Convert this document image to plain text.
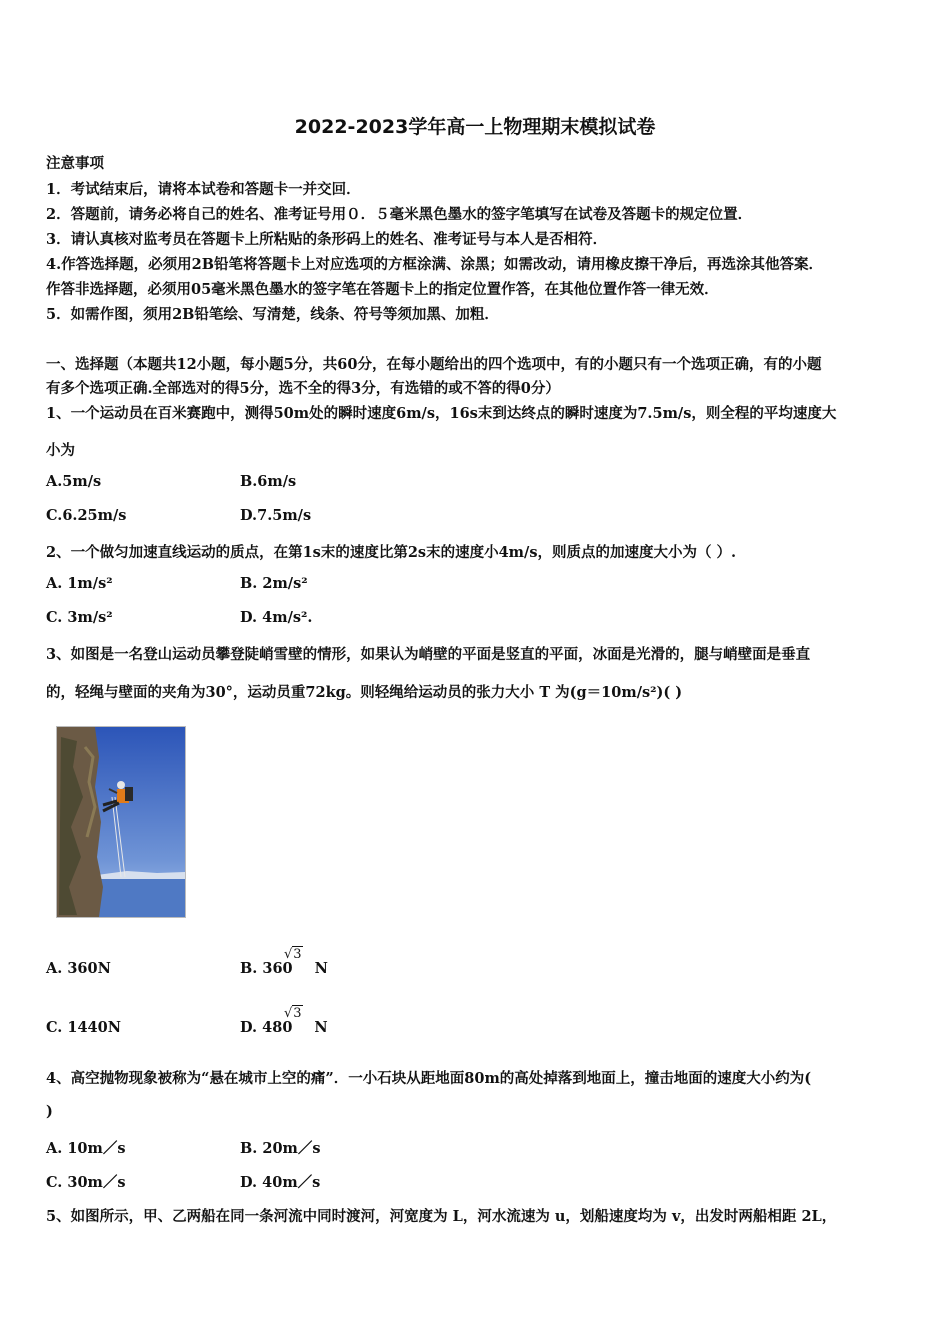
2022-2023学年高一上物理期末模拟试卷
注意事项
1．考试结束后，请将本试卷和答题卡一并交回．
2．答题前，请务必将自己的姓名、准考证号用０．５毫米黑色墨水的签字笔填写在试卷及答题卡的规定位置．
3．请认真核对监考员在答题卡上所粘贴的条形码上的姓名、准考证号与本人是否相符．
4.作答选择题，必须用2B铅笔将答题卡上对应选项的方框涂满、涂黑；如需改动，请用橡皮擦干净后，再选涂其他答案．
作答非选择题，必须用05毫米黑色墨水的签字笔在答题卡上的指定位置作答，在其他位置作答一律无效．
5．如需作图，须用2B铅笔绘、写清楚，线条、符号等须加黑、加粗．
一、选择题（本题共12小题，每小题5分，共60分，在每小题给出的四个选项中，有的小题只有一个选项正确，有的小题
有多个选项正确.全部选对的得5分，选不全的得3分，有选错的或不答的得0分）
1、一个运动员在百米赛跑中，测得50m处的瞬时速度6m/s，16s末到达终点的瞬时速度为7.5m/s，则全程的平均速度大
小为
A.5m/s	B.6m/s
C.6.25m/s	D.7.5m/s
2、一个做匀加速直线运动的质点，在第1s末的速度比第2s末的速度小4m/s，则质点的加速度大小为（ ）.
A. 1m/s²	B. 2m/s²
C. 3m/s²	D. 4m/s².
3、如图是一名登山运动员攀登陡峭雪壁的情形，如果认为峭壁的平面是竖直的平面，冰面是光滑的，腿与峭壁面是垂直
的，轻绳与壁面的夹角为30°，运动员重72kg。则轻绳给运动员的张力大小 T 为(g＝10m/s²)( )
A. 360N	B. 360 N
√3
C. 1440N	D. 480 N
√3
4、高空抛物现象被称为“悬在城市上空的痛”．一小石块从距地面80m的高处掉落到地面上，撞击地面的速度大小约为(
)
A. 10m／s	B. 20m／s
C. 30m／s	D. 40m／s
5、如图所示，甲、乙两船在同一条河流中同时渡河，河宽度为 L，河水流速为 u，划船速度均为 v，出发时两船相距 2L，
